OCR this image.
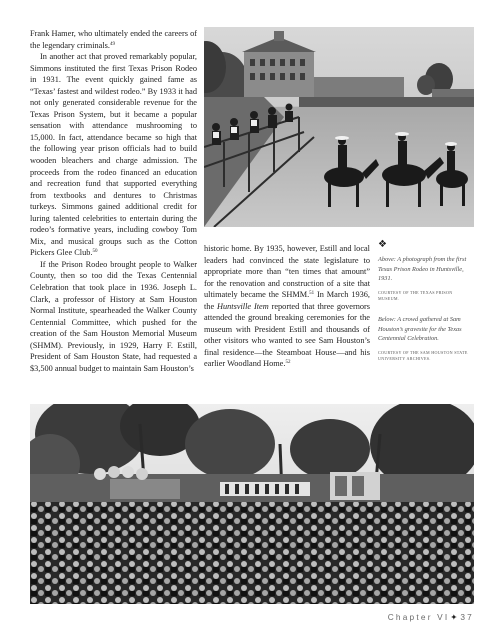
Frank Hamer, who ultimately ended the careers of the legendary criminals.$^{49}$

In another act that proved remarkably popular, Simmons instituted the first Texas Prison Rodeo in 1931. The event quickly gained fame as “Texas’ fastest and wildest rodeo.” By 1933 it had not only generated considerable revenue for the Texas Prison System, but it became a popular sensation with attendance mushrooming to 15,000. In fact, attendance became so high that the following year prison officials had to build wooden bleachers and charge admission. The proceeds from the rodeo financed an education and recreation fund that supported everything from textbooks and dentures to Christmas turkeys. Simmons gained additional credit for luring talented celebrities to entertain during the rodeo’s formative years, including cowboy Tom Mix, and musical groups such as the Cotton Pickers Glee Club.$^{50}$

If the Prison Rodeo brought people to Walker County, then so too did the Texas Centennial Celebration that took place in 1936. Joseph L. Clark, a professor of History at Sam Houston Normal Institute, spearheaded the Walker County Centennial Committee, which pushed for the creation of the Sam Houston Memorial Museum (SHMM). Previously, in 1929, Harry F. Estill, President of Sam Houston State, had requested a $3,500 annual budget to maintain Sam Houston’s

historic home. By 1935, however, Estill and local leaders had convinced the state legislature to appropriate more than “ten times that amount” for the renovation and construction of a site that ultimately became the SHMM.$^{51}$ In March 1936, the Huntsville Item reported that three governors attended the ground breaking ceremonies for the museum with President Estill and thousands of other visitors who wanted to see Sam Houston’s final residence—the Steamboat House—and his earlier Woodland Home.$^{52}$

❖
Above: A photograph from the first Texas Prison Rodeo in Huntsville, 1931.
COURTESY OF THE TEXAS PRISON MUSEUM.
Below: A crowd gathered at Sam Houston’s gravesite for the Texas Centennial Celebration.
COURTESY OF THE SAM HOUSTON STATE UNIVERSITY ARCHIVES.
Chapter VI✦ 37
